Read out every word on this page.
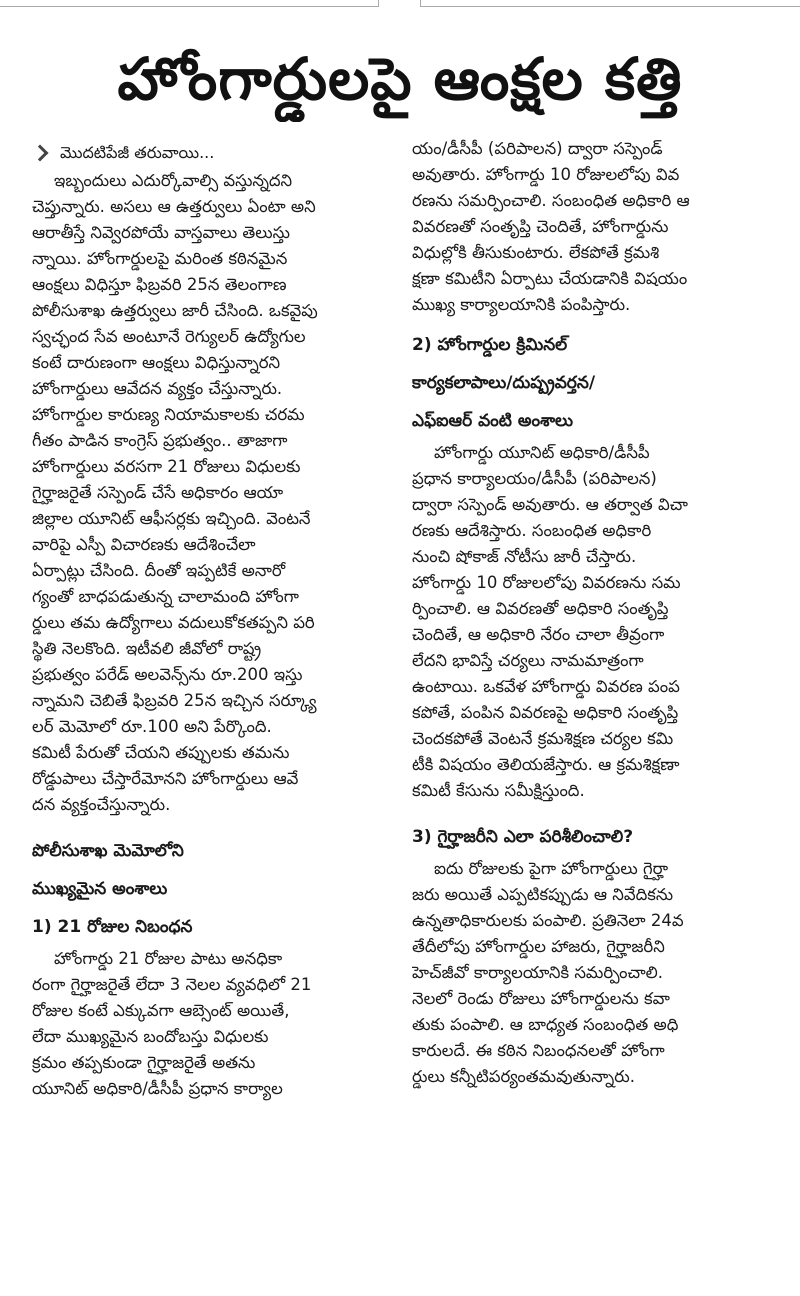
హోంగార్డులపై ఆంక్షల కత్తి
మొదటిపేజీ తరువాయి...
ఇబ్బందులు ఎదుర్కోవాల్సి వస్తున్నదని
చెప్తున్నారు. అసలు ఆ ఉత్తర్వులు ఏంటా అని
ఆరాతీస్తే నివ్వెరపోయే వాస్తవాలు తెలుస్తు
న్నాయి. హోంగార్డులపై మరింత కఠినమైన
ఆంక్షలు విధిస్తూ ఫిబ్రవరి 25న తెలంగాణ
పోలీసుశాఖ ఉత్తర్వులు జారీ చేసింది. ఒకవైపు
స్వచ్ఛంద సేవ అంటూనే రెగ్యులర్ ఉద్యోగుల
కంటే దారుణంగా ఆంక్షలు విధిస్తున్నారని
హోంగార్డులు ఆవేదన వ్యక్తం చేస్తున్నారు.
హోంగార్డుల కారుణ్య నియామకాలకు చరమ
గీతం పాడిన కాంగ్రెస్ ప్రభుత్వం.. తాజాగా
హోంగార్డులు వరసగా 21 రోజులు విధులకు
గైర్హాజరైతే సస్పెండ్ చేసే అధికారం ఆయా
జిల్లాల యూనిట్ ఆఫీసర్లకు ఇచ్చింది. వెంటనే
వారిపై ఎస్పీ విచారణకు ఆదేశించేలా
ఏర్పాట్లు చేసింది. దీంతో ఇప్పటికే అనారో
గ్యంతో బాధపడుతున్న చాలామంది హోంగా
ర్డులు తమ ఉద్యోగాలు వదులుకోకతప్పని పరి
స్థితి నెలకొంది. ఇటీవలి జీవోలో రాష్ట్ర
ప్రభుత్వం పరేడ్ అలవెన్స్‌ను రూ.200 ఇస్తు
న్నామని చెబితే ఫిబ్రవరి 25న ఇచ్చిన సర్క్యూ
లర్ మెమోలో రూ.100 అని పేర్కొంది.
కమిటీ పేరుతో చేయని తప్పులకు తమను
రోడ్డుపాలు చేస్తారేమోనని హోంగార్డులు ఆవే
దన వ్యక్తంచేస్తున్నారు.
పోలీసుశాఖ మెమోలోని
ముఖ్యమైన అంశాలు
1) 21 రోజుల నిబంధన
హోంగార్డు 21 రోజుల పాటు అనధికా
రంగా గైర్హాజరైతే లేదా 3 నెలల వ్యవధిలో 21
రోజుల కంటే ఎక్కువగా ఆబ్సెంట్ అయితే,
లేదా ముఖ్యమైన బందోబస్తు విధులకు
క్రమం తప్పకుండా గైర్హాజరైతే అతను
యూనిట్ అధికారి/డీసీపీ ప్రధాన కార్యాల
యం/డీసీపీ (పరిపాలన) ద్వారా సస్పెండ్
అవుతారు. హోంగార్డు 10 రోజులలోపు వివ
రణను సమర్పించాలి. సంబంధిత అధికారి ఆ
వివరణతో సంతృప్తి చెందితే, హోంగార్డును
విధుల్లోకి తీసుకుంటారు. లేకపోతే క్రమశి
క్షణా కమిటీని ఏర్పాటు చేయడానికి విషయం
ముఖ్య కార్యాలయానికి పంపిస్తారు.
2) హోంగార్డుల క్రిమినల్
కార్యకలాపాలు/దుష్ప్రవర్తన/
ఎఫ్ఐఆర్ వంటి అంశాలు
హోంగార్డు యూనిట్ అధికారి/డీసీపీ
ప్రధాన కార్యాలయం/డీసీపీ (పరిపాలన)
ద్వారా సస్పెండ్ అవుతారు. ఆ తర్వాత విచా
రణకు ఆదేశిస్తారు. సంబంధిత అధికారి
నుంచి షోకాజ్ నోటీసు జారీ చేస్తారు.
హోంగార్డు 10 రోజులలోపు వివరణను సమ
ర్పించాలి. ఆ వివరణతో అధికారి సంతృప్తి
చెందితే, ఆ అధికారి నేరం చాలా తీవ్రంగా
లేదని భావిస్తే చర్యలు నామమాత్రంగా
ఉంటాయి. ఒకవేళ హోంగార్డు వివరణ పంప
కపోతే, పంపిన వివరణపై అధికారి సంతృప్తి
చెందకపోతే వెంటనే క్రమశిక్షణ చర్యల కమి
టీకి విషయం తెలియజేస్తారు. ఆ క్రమశిక్షణా
కమిటీ కేసును సమీక్షిస్తుంది.
3) గైర్హాజరీని ఎలా పరిశీలించాలి?
ఐదు రోజులకు పైగా హోంగార్డులు గైర్హా
జరు అయితే ఎప్పటికప్పుడు ఆ నివేదికను
ఉన్నతాధికారులకు పంపాలి. ప్రతినెలా 24వ
తేదీలోపు హోంగార్డుల హాజరు, గైర్హాజరీని
హెచ్‌జీవో కార్యాలయానికి సమర్పించాలి.
నెలలో రెండు రోజులు హోంగార్డులను కవా
తుకు పంపాలి. ఆ బాధ్యత సంబంధిత అధి
కారులదే. ఈ కఠిన నిబంధనలతో హోంగా
ర్డులు కన్నీటిపర్యంతమవుతున్నారు.
